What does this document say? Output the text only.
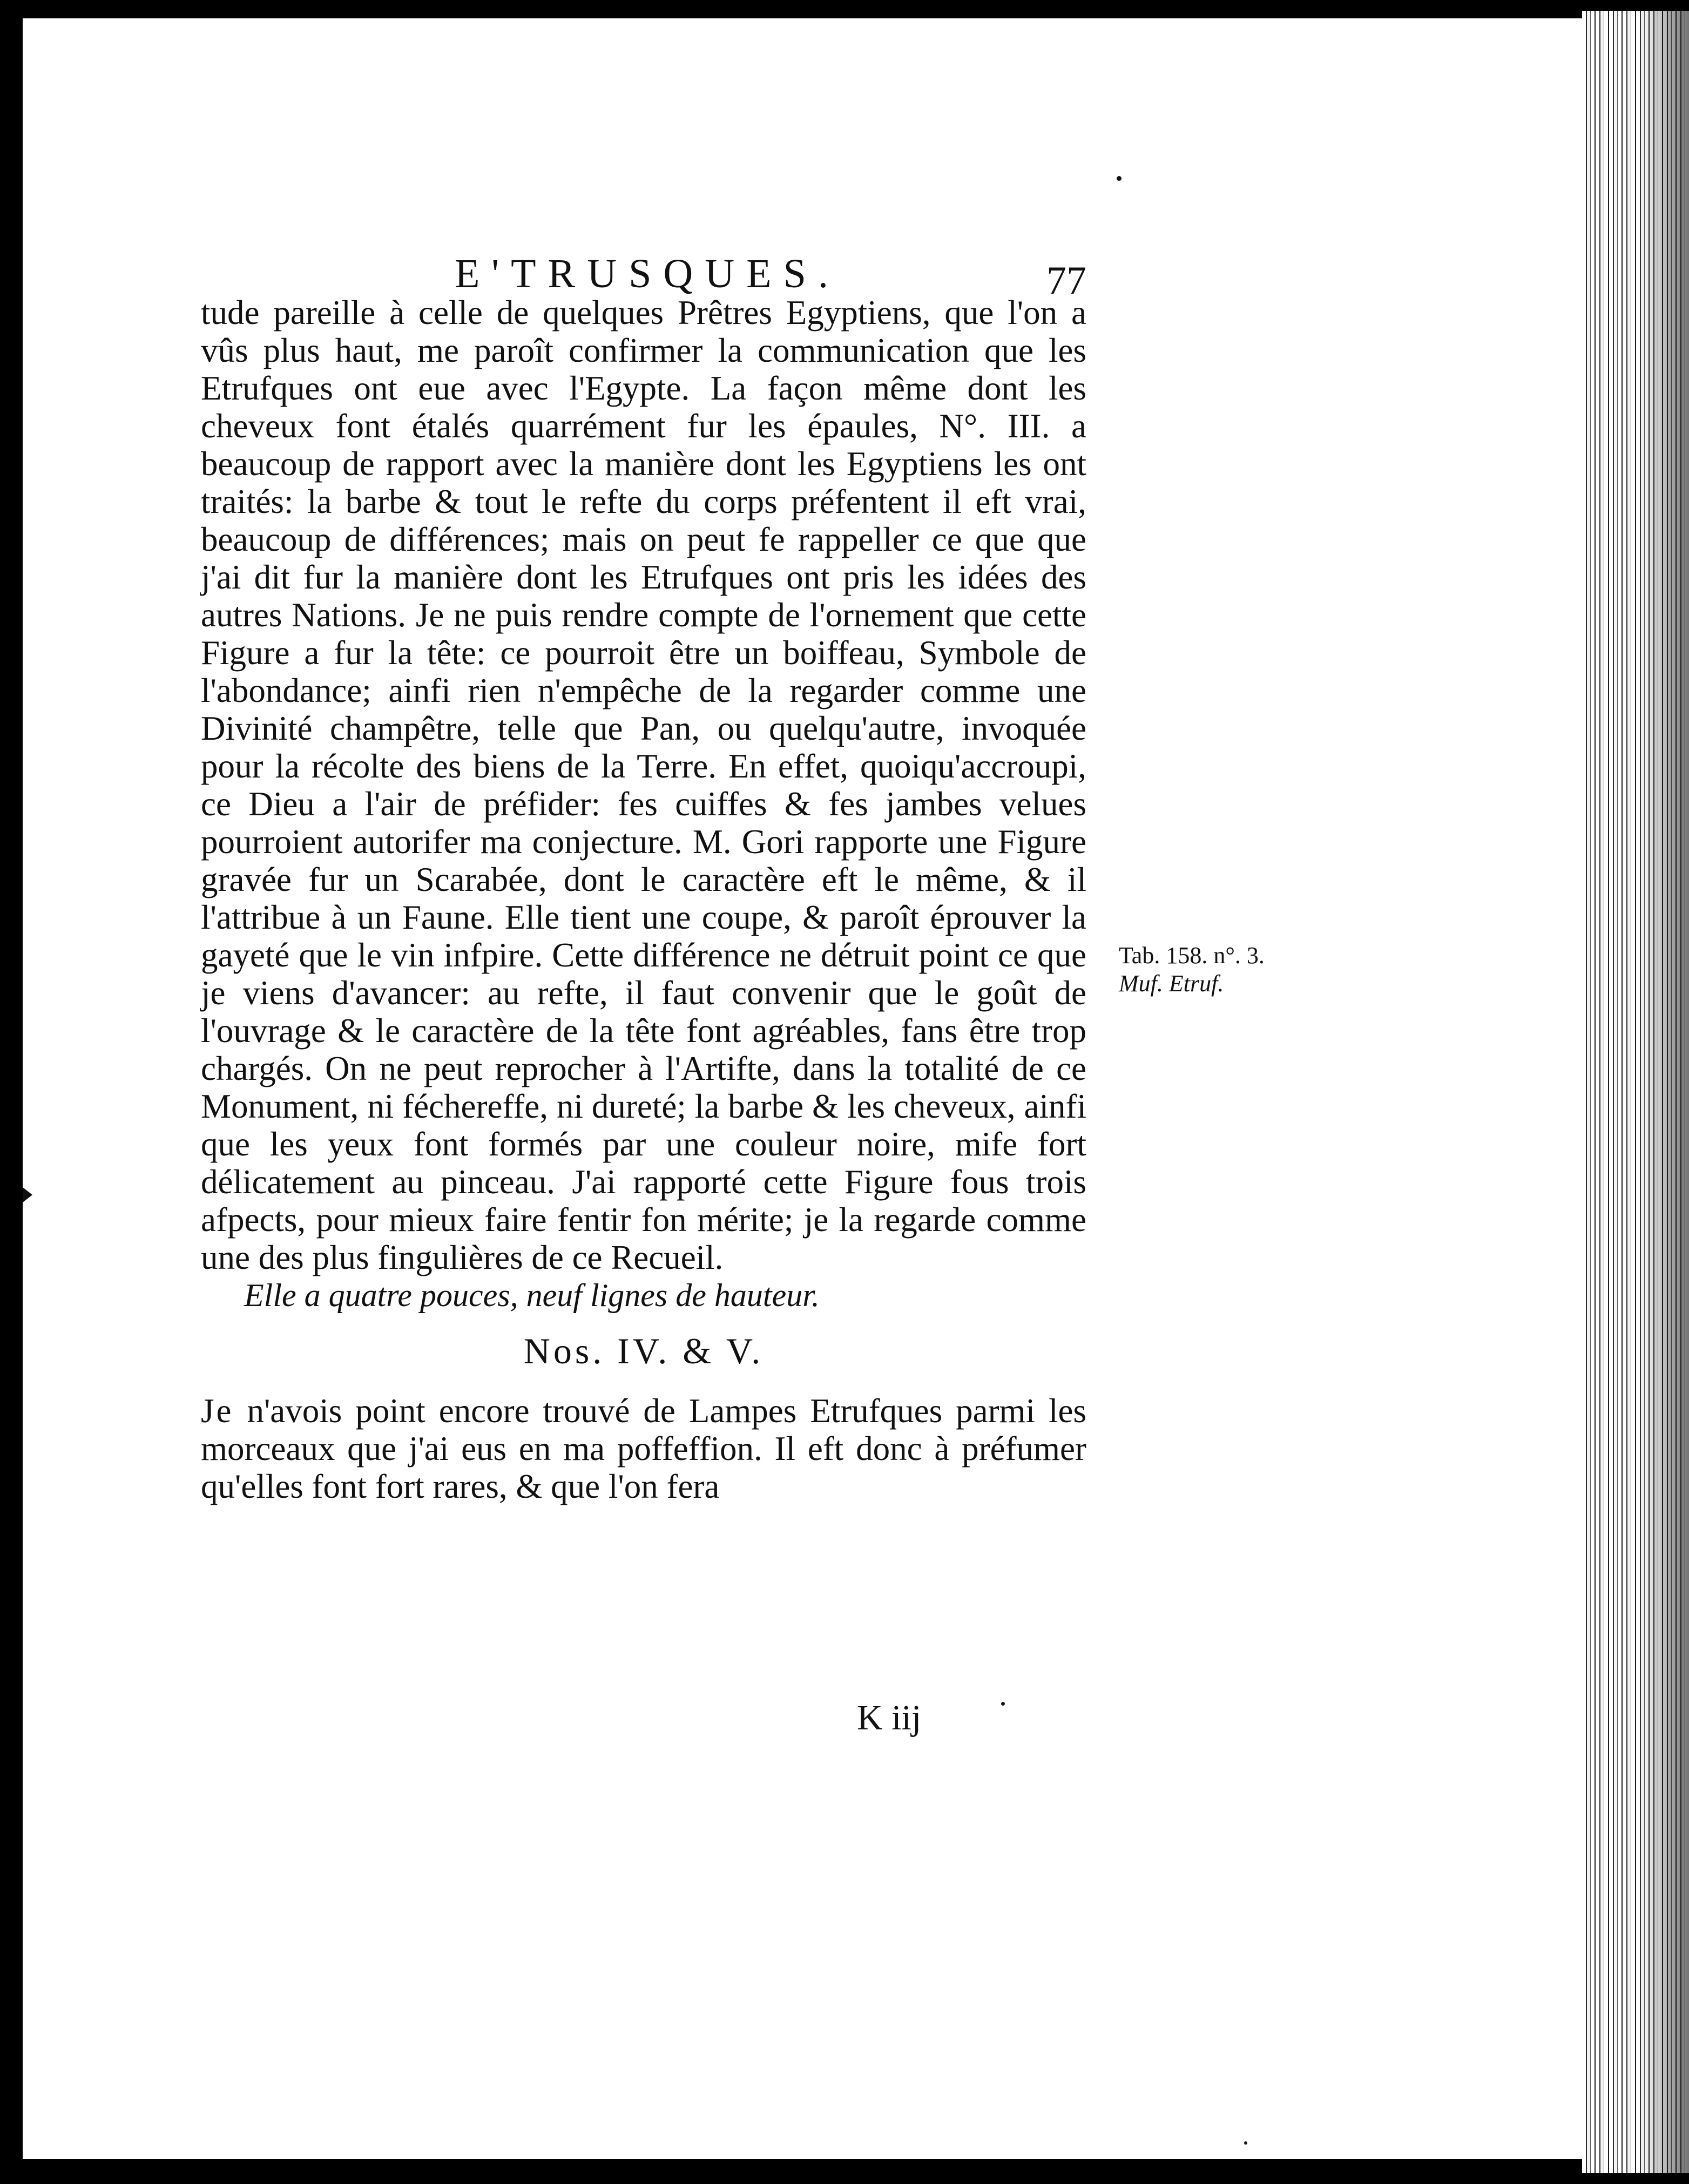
E'TRUSQUES.	77

tude pareille à celle de quelques Prêtres Egyptiens, que l'on a vûs plus haut, me paroît confirmer la communication que les Etrufques ont eue avec l'Egypte. La façon même dont les cheveux font étalés quarrément fur les épaules, N°. III. a beaucoup de rapport avec la manière dont les Egyptiens les ont traités: la barbe & tout le refte du corps préfentent il eft vrai, beaucoup de différences; mais on peut fe rappeller ce que que j'ai dit fur la manière dont les Etrufques ont pris les idées des autres Nations. Je ne puis rendre compte de l'ornement que cette Figure a fur la tête: ce pourroit être un boiffeau, Symbole de l'abondance; ainfi rien n'empêche de la regarder comme une Divinité champêtre, telle que Pan, ou quelqu'autre, invoquée pour la récolte des biens de la Terre. En effet, quoiqu'accroupi, ce Dieu a l'air de préfider: fes cuiffes & fes jambes velues pourroient autorifer ma conjecture. M. Gori rapporte une Figure gravée fur un Scarabée, dont le caractère eft le même, & il l'attribue à un Faune. Elle tient une coupe, & paroît éprouver la gayeté que le vin infpire. Cette différence ne détruit point ce que je viens d'avancer: au refte, il faut convenir que le goût de l'ouvrage & le caractère de la tête font agréables, fans être trop chargés. On ne peut reprocher à l'Artifte, dans la totalité de ce Monument, ni féchereffe, ni dureté; la barbe & les cheveux, ainfi que les yeux font formés par une couleur noire, mife fort délicatement au pinceau. J'ai rapporté cette Figure fous trois afpects, pour mieux faire fentir fon mérite; je la regarde comme une des plus fingulières de ce Recueil.

Elle a quatre pouces, neuf lignes de hauteur.

Nos. IV. & V.

Je n'avois point encore trouvé de Lampes Etrufques parmi les morceaux que j'ai eus en ma poffeffion. Il eft donc à préfumer qu'elles font fort rares, & que l'on fera

K iij
Tab. 158. n°. 3.
Muf. Etruf.
